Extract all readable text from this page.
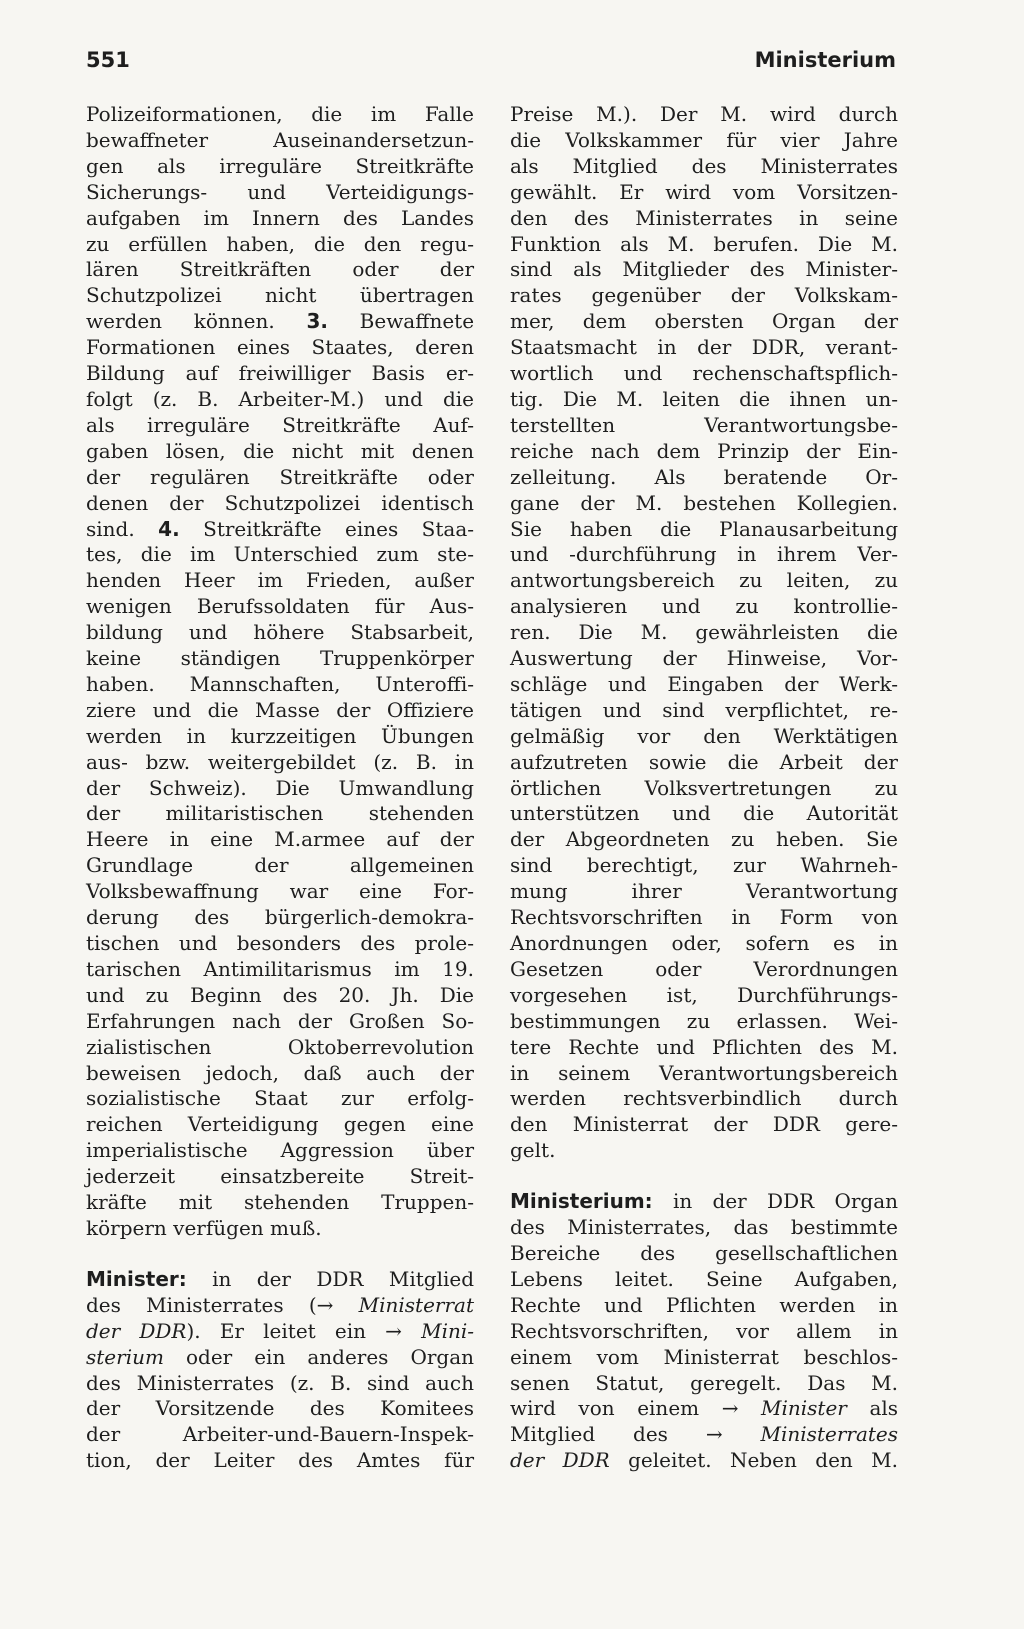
551	Ministerium
Polizeiformationen, die im Falle
bewaffneter Auseinandersetzun-
gen als irreguläre Streitkräfte
Sicherungs- und Verteidigungs-
aufgaben im Innern des Landes
zu erfüllen haben, die den regu-
lären Streitkräften oder der
Schutzpolizei nicht übertragen
werden können. 3. Bewaffnete
Formationen eines Staates, deren
Bildung auf freiwilliger Basis er-
folgt (z. B. Arbeiter-M.) und die
als irreguläre Streitkräfte Auf-
gaben lösen, die nicht mit denen
der regulären Streitkräfte oder
denen der Schutzpolizei identisch
sind. 4. Streitkräfte eines Staa-
tes, die im Unterschied zum ste-
henden Heer im Frieden, außer
wenigen Berufssoldaten für Aus-
bildung und höhere Stabsarbeit,
keine ständigen Truppenkörper
haben. Mannschaften, Unteroffi-
ziere und die Masse der Offiziere
werden in kurzzeitigen Übungen
aus- bzw. weitergebildet (z. B. in
der Schweiz). Die Umwandlung
der militaristischen stehenden
Heere in eine M.armee auf der
Grundlage der allgemeinen
Volksbewaffnung war eine For-
derung des bürgerlich-demokra-
tischen und besonders des prole-
tarischen Antimilitarismus im 19.
und zu Beginn des 20. Jh. Die
Erfahrungen nach der Großen So-
zialistischen Oktoberrevolution
beweisen jedoch, daß auch der
sozialistische Staat zur erfolg-
reichen Verteidigung gegen eine
imperialistische Aggression über
jederzeit einsatzbereite Streit-
kräfte mit stehenden Truppen-
körpern verfügen muß.
Minister: in der DDR Mitglied
des Ministerrates (→ Ministerrat
der DDR). Er leitet ein → Mini-
sterium oder ein anderes Organ
des Ministerrates (z. B. sind auch
der Vorsitzende des Komitees
der Arbeiter-und-Bauern-Inspek-
tion, der Leiter des Amtes für
Preise M.). Der M. wird durch
die Volkskammer für vier Jahre
als Mitglied des Ministerrates
gewählt. Er wird vom Vorsitzen-
den des Ministerrates in seine
Funktion als M. berufen. Die M.
sind als Mitglieder des Minister-
rates gegenüber der Volkskam-
mer, dem obersten Organ der
Staatsmacht in der DDR, verant-
wortlich und rechenschaftspflich-
tig. Die M. leiten die ihnen un-
terstellten Verantwortungsbe-
reiche nach dem Prinzip der Ein-
zelleitung. Als beratende Or-
gane der M. bestehen Kollegien.
Sie haben die Planausarbeitung
und -durchführung in ihrem Ver-
antwortungsbereich zu leiten, zu
analysieren und zu kontrollie-
ren. Die M. gewährleisten die
Auswertung der Hinweise, Vor-
schläge und Eingaben der Werk-
tätigen und sind verpflichtet, re-
gelmäßig vor den Werktätigen
aufzutreten sowie die Arbeit der
örtlichen Volksvertretungen zu
unterstützen und die Autorität
der Abgeordneten zu heben. Sie
sind berechtigt, zur Wahrneh-
mung ihrer Verantwortung
Rechtsvorschriften in Form von
Anordnungen oder, sofern es in
Gesetzen oder Verordnungen
vorgesehen ist, Durchführungs-
bestimmungen zu erlassen. Wei-
tere Rechte und Pflichten des M.
in seinem Verantwortungsbereich
werden rechtsverbindlich durch
den Ministerrat der DDR gere-
gelt.
Ministerium: in der DDR Organ
des Ministerrates, das bestimmte
Bereiche des gesellschaftlichen
Lebens leitet. Seine Aufgaben,
Rechte und Pflichten werden in
Rechtsvorschriften, vor allem in
einem vom Ministerrat beschlos-
senen Statut, geregelt. Das M.
wird von einem → Minister als
Mitglied des → Ministerrates
der DDR geleitet. Neben den M.
